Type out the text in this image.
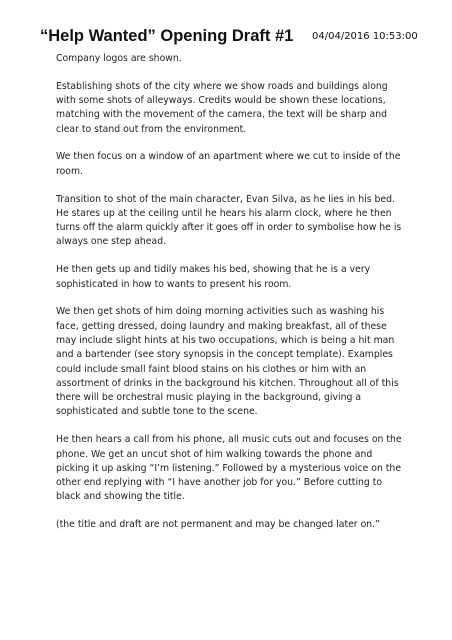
“Help Wanted” Opening Draft #1 04/04/2016 10:53:00

Company logos are shown.

Establishing shots of the city where we show roads and buildings along
with some shots of alleyways. Credits would be shown these locations,
matching with the movement of the camera, the text will be sharp and
clear to stand out from the environment.

We then focus on a window of an apartment where we cut to inside of the
room.

Transition to shot of the main character, Evan Silva, as he lies in his bed.
He stares up at the ceiling until he hears his alarm clock, where he then
turns off the alarm quickly after it goes off in order to symbolise how he is
always one step ahead.

He then gets up and tidily makes his bed, showing that he is a very
sophisticated in how to wants to present his room.

We then get shots of him doing morning activities such as washing his
face, getting dressed, doing laundry and making breakfast, all of these
may include slight hints at his two occupations, which is being a hit man
and a bartender (see story synopsis in the concept template). Examples
could include small faint blood stains on his clothes or him with an
assortment of drinks in the background his kitchen. Throughout all of this
there will be orchestral music playing in the background, giving a
sophisticated and subtle tone to the scene.

He then hears a call from his phone, all music cuts out and focuses on the
phone. We get an uncut shot of him walking towards the phone and
picking it up asking “I’m listening.” Followed by a mysterious voice on the
other end replying with “I have another job for you.” Before cutting to
black and showing the title.

(the title and draft are not permanent and may be changed later on.”
